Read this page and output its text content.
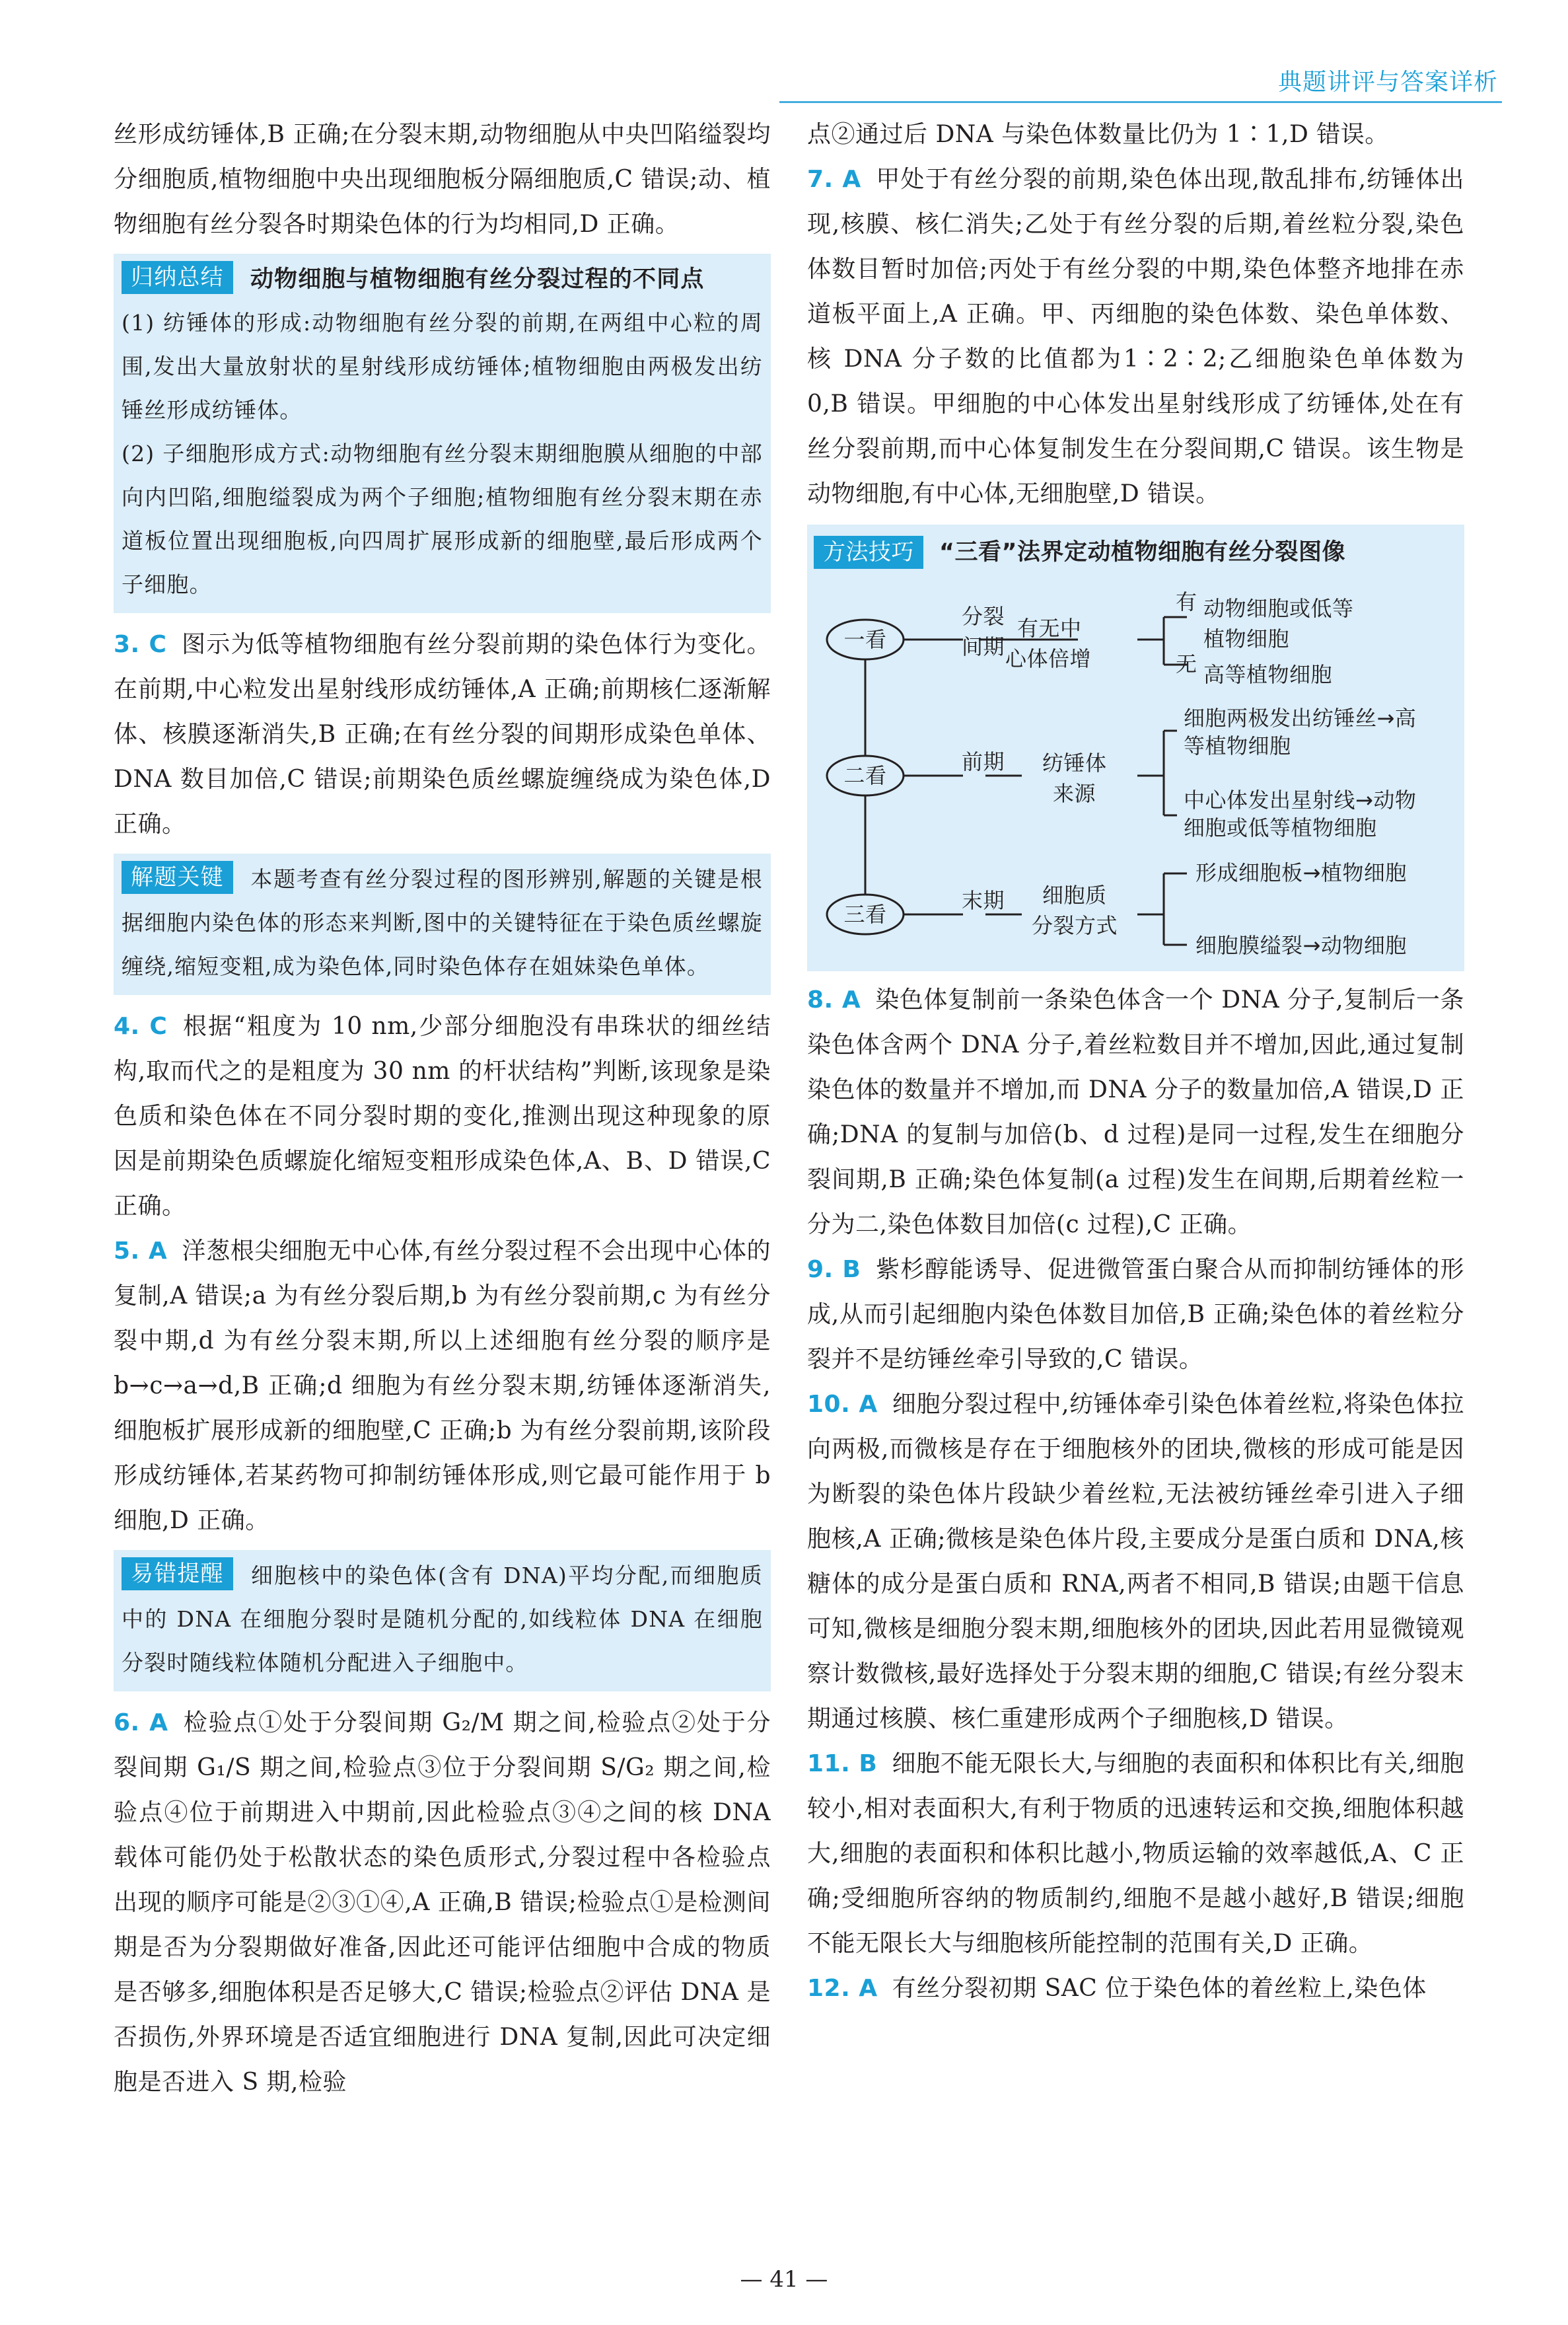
典题讲评与答案详析

丝形成纺锤体,B 正确;在分裂末期,动物细胞从中央凹陷缢裂均分细胞质,植物细胞中央出现细胞板分隔细胞质,C 错误;动、植物细胞有丝分裂各时期染色体的行为均相同,D 正确。

归纳总结 动物细胞与植物细胞有丝分裂过程的不同点
(1) 纺锤体的形成:动物细胞有丝分裂的前期,在两组中心粒的周围,发出大量放射状的星射线形成纺锤体;植物细胞由两极发出纺锤丝形成纺锤体。
(2) 子细胞形成方式:动物细胞有丝分裂末期细胞膜从细胞的中部向内凹陷,细胞缢裂成为两个子细胞;植物细胞有丝分裂末期在赤道板位置出现细胞板,向四周扩展形成新的细胞壁,最后形成两个子细胞。

3. C 图示为低等植物细胞有丝分裂前期的染色体行为变化。在前期,中心粒发出星射线形成纺锤体,A 正确;前期核仁逐渐解体、核膜逐渐消失,B 正确;在有丝分裂的间期形成染色单体、DNA 数目加倍,C 错误;前期染色质丝螺旋缠绕成为染色体,D 正确。

解题关键 本题考查有丝分裂过程的图形辨别,解题的关键是根据细胞内染色体的形态来判断,图中的关键特征在于染色质丝螺旋缠绕,缩短变粗,成为染色体,同时染色体存在姐妹染色单体。

4. C 根据“粗度为 10 nm,少部分细胞没有串珠状的细丝结构,取而代之的是粗度为 30 nm 的杆状结构”判断,该现象是染色质和染色体在不同分裂时期的变化,推测出现这种现象的原因是前期染色质螺旋化缩短变粗形成染色体,A、B、D 错误,C 正确。

5. A 洋葱根尖细胞无中心体,有丝分裂过程不会出现中心体的复制,A 错误;a 为有丝分裂后期,b 为有丝分裂前期,c 为有丝分裂中期,d 为有丝分裂末期,所以上述细胞有丝分裂的顺序是 b→c→a→d,B 正确;d 细胞为有丝分裂末期,纺锤体逐渐消失,细胞板扩展形成新的细胞壁,C 正确;b 为有丝分裂前期,该阶段形成纺锤体,若某药物可抑制纺锤体形成,则它最可能作用于 b 细胞,D 正确。

易错提醒 细胞核中的染色体(含有 DNA)平均分配,而细胞质中的 DNA 在细胞分裂时是随机分配的,如线粒体 DNA 在细胞分裂时随线粒体随机分配进入子细胞中。

6. A 检验点①处于分裂间期 G₂/M 期之间,检验点②处于分裂间期 G₁/S 期之间,检验点③位于分裂间期 S/G₂ 期之间,检验点④位于前期进入中期前,因此检验点③④之间的核 DNA 载体可能仍处于松散状态的染色质形式,分裂过程中各检验点出现的顺序可能是②③①④,A 正确,B 错误;检验点①是检测间期是否为分裂期做好准备,因此还可能评估细胞中合成的物质是否够多,细胞体积是否足够大,C 错误;检验点②评估 DNA 是否损伤,外界环境是否适宜细胞进行 DNA 复制,因此可决定细胞是否进入 S 期,检验

点②通过后 DNA 与染色体数量比仍为 1∶1,D 错误。

7. A 甲处于有丝分裂的前期,染色体出现,散乱排布,纺锤体出现,核膜、核仁消失;乙处于有丝分裂的后期,着丝粒分裂,染色体数目暂时加倍;丙处于有丝分裂的中期,染色体整齐地排在赤道板平面上,A 正确。甲、丙细胞的染色体数、染色单体数、核 DNA 分子数的比值都为1∶2∶2;乙细胞染色单体数为 0,B 错误。甲细胞的中心体发出星射线形成了纺锤体,处在有丝分裂前期,而中心体复制发生在分裂间期,C 错误。该生物是动物细胞,有中心体,无细胞壁,D 错误。

一看
二看
三看
分裂
间期
有无中
心体倍增
有
无
动物细胞或低等
植物细胞
高等植物细胞
前期 纺锤体
来源
细胞两极发出纺锤丝→高
等植物细胞
中心体发出星射线→动物
细胞或低等植物细胞
末期 细胞质
分裂方式
形成细胞板→植物细胞
细胞膜缢裂→动物细胞
方法技巧 “三看”法界定动植物细胞有丝分裂图像

8. A 染色体复制前一条染色体含一个 DNA 分子,复制后一条染色体含两个 DNA 分子,着丝粒数目并不增加,因此,通过复制染色体的数量并不增加,而 DNA 分子的数量加倍,A 错误,D 正确;DNA 的复制与加倍(b、d 过程)是同一过程,发生在细胞分裂间期,B 正确;染色体复制(a 过程)发生在间期,后期着丝粒一分为二,染色体数目加倍(c 过程),C 正确。

9. B 紫杉醇能诱导、促进微管蛋白聚合从而抑制纺锤体的形成,从而引起细胞内染色体数目加倍,B 正确;染色体的着丝粒分裂并不是纺锤丝牵引导致的,C 错误。

10. A 细胞分裂过程中,纺锤体牵引染色体着丝粒,将染色体拉向两极,而微核是存在于细胞核外的团块,微核的形成可能是因为断裂的染色体片段缺少着丝粒,无法被纺锤丝牵引进入子细胞核,A 正确;微核是染色体片段,主要成分是蛋白质和 DNA,核糖体的成分是蛋白质和 RNA,两者不相同,B 错误;由题干信息可知,微核是细胞分裂末期,细胞核外的团块,因此若用显微镜观察计数微核,最好选择处于分裂末期的细胞,C 错误;有丝分裂末期通过核膜、核仁重建形成两个子细胞核,D 错误。

11. B 细胞不能无限长大,与细胞的表面积和体积比有关,细胞较小,相对表面积大,有利于物质的迅速转运和交换,细胞体积越大,细胞的表面积和体积比越小,物质运输的效率越低,A、C 正确;受细胞所容纳的物质制约,细胞不是越小越好,B 错误;细胞不能无限长大与细胞核所能控制的范围有关,D 正确。

12. A 有丝分裂初期 SAC 位于染色体的着丝粒上,染色体

— 41 —
